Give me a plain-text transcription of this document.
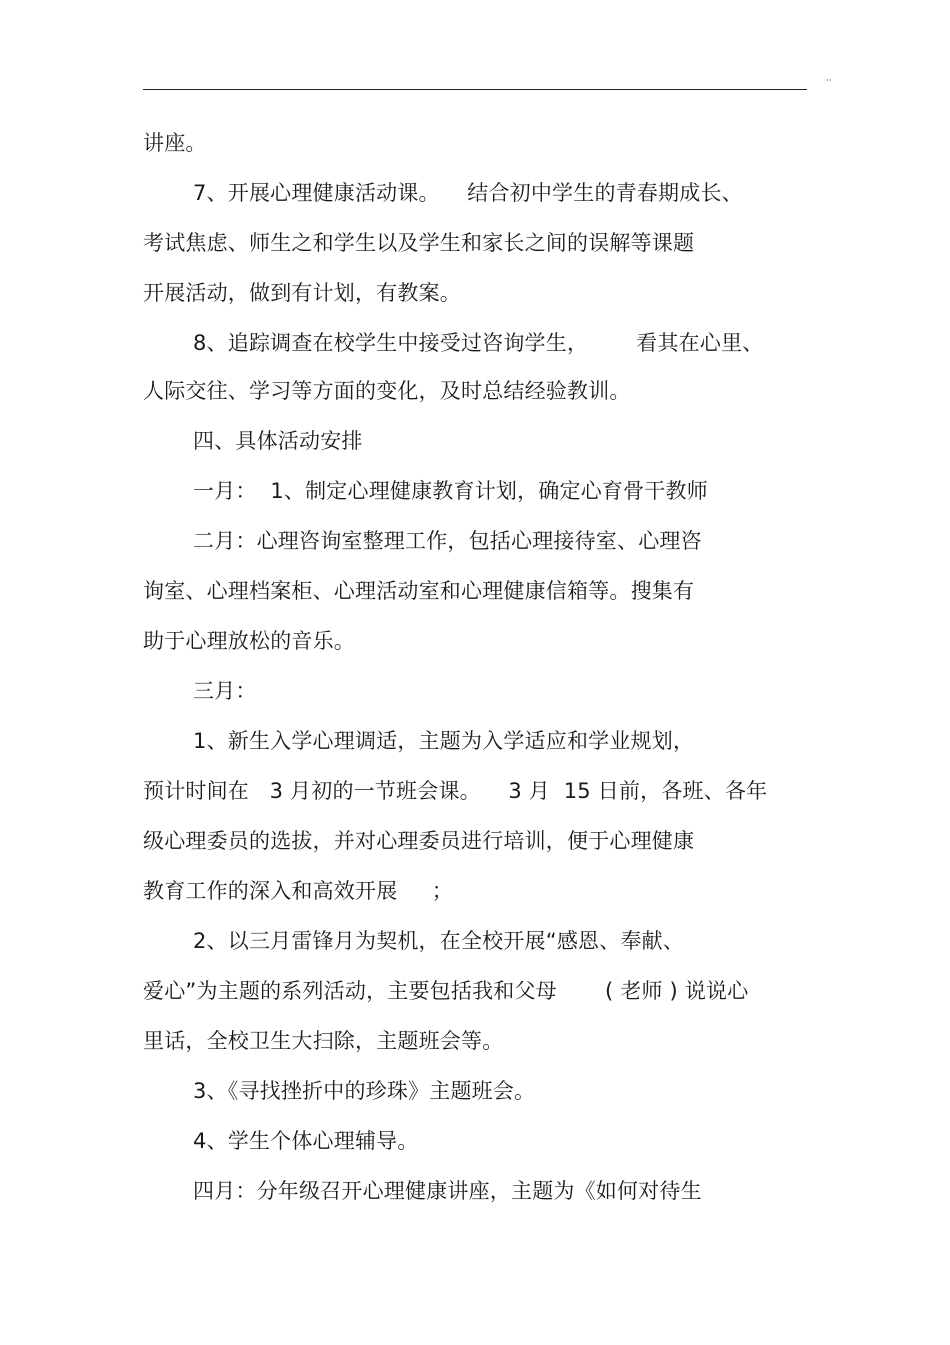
··
讲座。
7、开展心理健康活动课。    结合初中学生的青春期成长、
考试焦虑、师生之和学生以及学生和家长之间的误解等课题
开展活动，做到有计划，有教案。
8、追踪调查在校学生中接受过咨询学生，       看其在心里、
人际交往、学习等方面的变化，及时总结经验教训。
四、具体活动安排
一月：  1、制定心理健康教育计划，确定心育骨干教师
二月：心理咨询室整理工作，包括心理接待室、心理咨
询室、心理档案柜、心理活动室和心理健康信箱等。搜集有
助于心理放松的音乐。
三月：
1、新生入学心理调适，主题为入学适应和学业规划，
预计时间在   3 月初的一节班会课。    3 月  15 日前，各班、各年
级心理委员的选拔，并对心理委员进行培训，便于心理健康
教育工作的深入和高效开展     ；
2、以三月雷锋月为契机，在全校开展“感恩、奉献、
爱心”为主题的系列活动，主要包括我和父母       ( 老师 ) 说说心
里话，全校卫生大扫除，主题班会等。
3、《寻找挫折中的珍珠》主题班会。
4、学生个体心理辅导。
四月：分年级召开心理健康讲座，主题为《如何对待生
